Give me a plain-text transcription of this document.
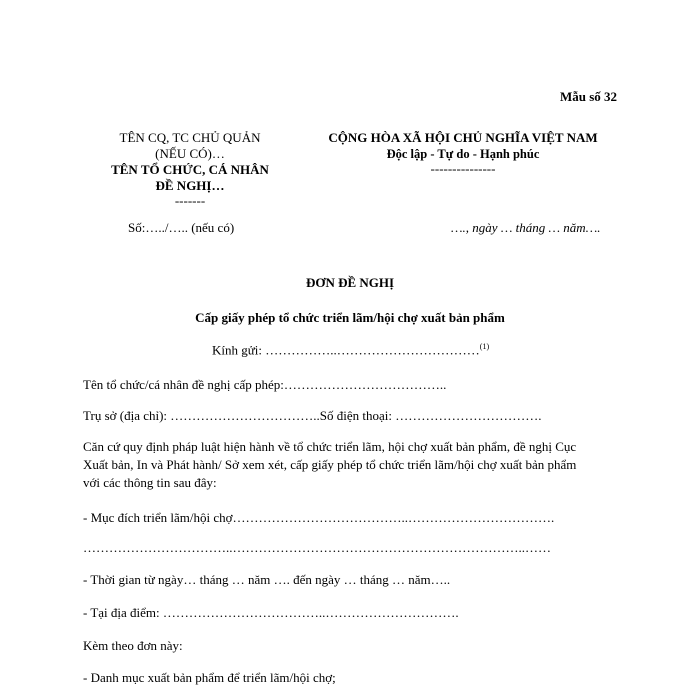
Mẫu số 32
TÊN CQ, TC CHỦ QUẢN
(NẾU CÓ)…
TÊN TỔ CHỨC, CÁ NHÂN
ĐỀ NGHỊ…
-------
Số:…../….. (nếu có)
CỘNG HÒA XÃ HỘI CHỦ NGHĨA VIỆT NAM
Độc lập - Tự do - Hạnh phúc
---------------
…., ngày … tháng … năm….
ĐƠN ĐỀ NGHỊ
Cấp giấy phép tổ chức triển lãm/hội chợ xuất bản phẩm
Kính gửi: ……………..……………………………$^{(1)}$
Tên tổ chức/cá nhân đề nghị cấp phép:………………………………..
Trụ sở (địa chỉ): ……………………………..Số điện thoại: …………………………….
Căn cứ quy định pháp luật hiện hành về tổ chức triển lãm, hội chợ xuất bản phẩm, đề nghị Cục
Xuất bản, In và Phát hành/ Sở xem xét, cấp giấy phép tổ chức triển lãm/hội chợ xuất bản phẩm
với các thông tin sau đây:
- Mục đích triển lãm/hội chợ…………………………………..…………………………….
……………………………..…………………………………………………………..……
- Thời gian từ ngày… tháng … năm …. đến ngày … tháng … năm…..
- Tại địa điểm: ………………………………..………………………….
Kèm theo đơn này:
- Danh mục xuất bản phẩm để triển lãm/hội chợ;
